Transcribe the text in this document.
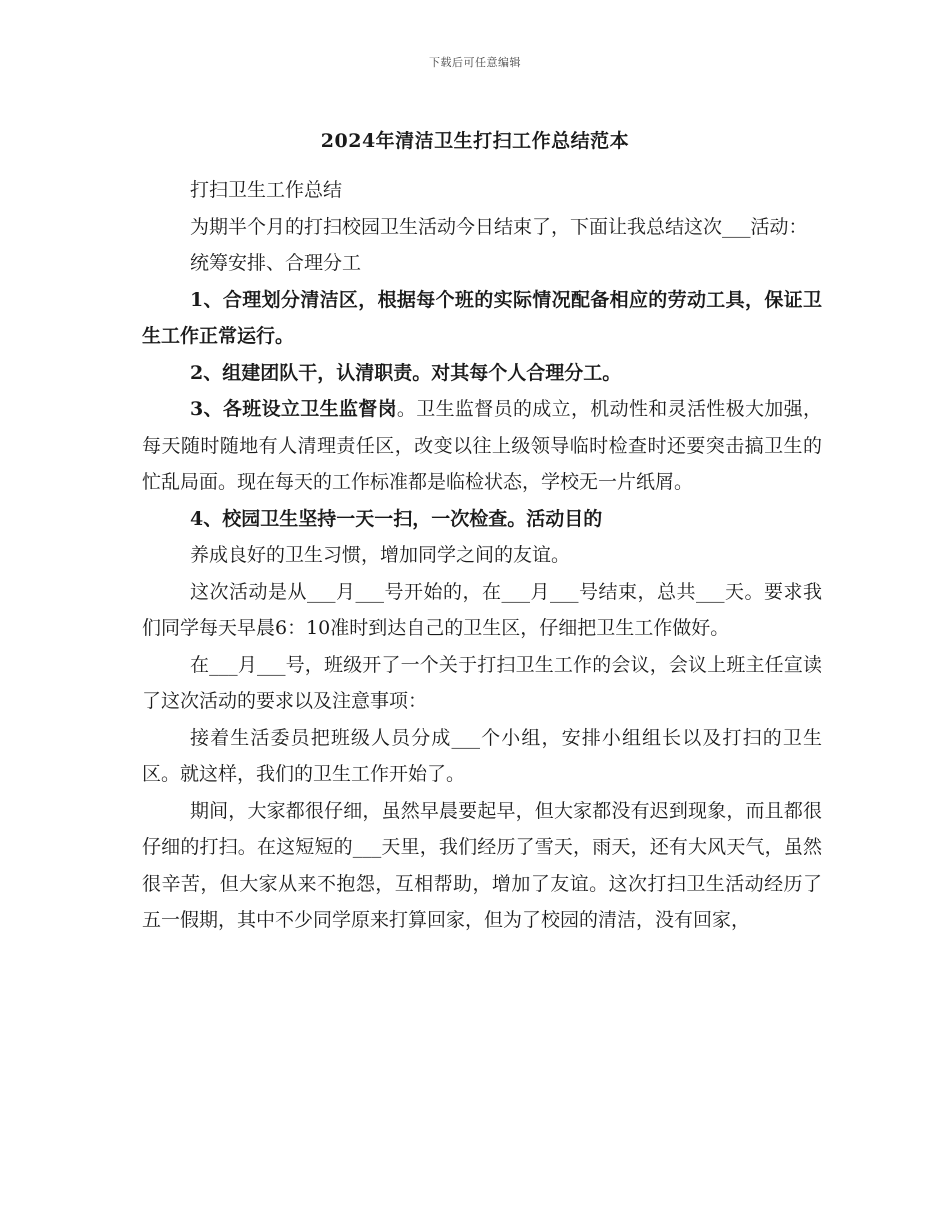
下载后可任意编辑
2024年清洁卫生打扫工作总结范本

打扫卫生工作总结

为期半个月的打扫校园卫生活动今日结束了，下面让我总结这次___活动：

统筹安排、合理分工

1、合理划分清洁区，根据每个班的实际情况配备相应的劳动工具，保证卫生工作正常运行。

2、组建团队干，认清职责。对其每个人合理分工。

3、各班设立卫生监督岗。卫生监督员的成立，机动性和灵活性极大加强，每天随时随地有人清理责任区，改变以往上级领导临时检查时还要突击搞卫生的忙乱局面。现在每天的工作标准都是临检状态，学校无一片纸屑。

4、校园卫生坚持一天一扫，一次检查。活动目的

养成良好的卫生习惯，增加同学之间的友谊。

这次活动是从___月___号开始的，在___月___号结束，总共___天。要求我们同学每天早晨6：10准时到达自己的卫生区，仔细把卫生工作做好。

在___月___号，班级开了一个关于打扫卫生工作的会议，会议上班主任宣读了这次活动的要求以及注意事项：

接着生活委员把班级人员分成___个小组，安排小组组长以及打扫的卫生区。就这样，我们的卫生工作开始了。

期间，大家都很仔细，虽然早晨要起早，但大家都没有迟到现象，而且都很仔细的打扫。在这短短的___天里，我们经历了雪天，雨天，还有大风天气，虽然很辛苦，但大家从来不抱怨，互相帮助，增加了友谊。这次打扫卫生活动经历了五一假期，其中不少同学原来打算回家，但为了校园的清洁，没有回家，
